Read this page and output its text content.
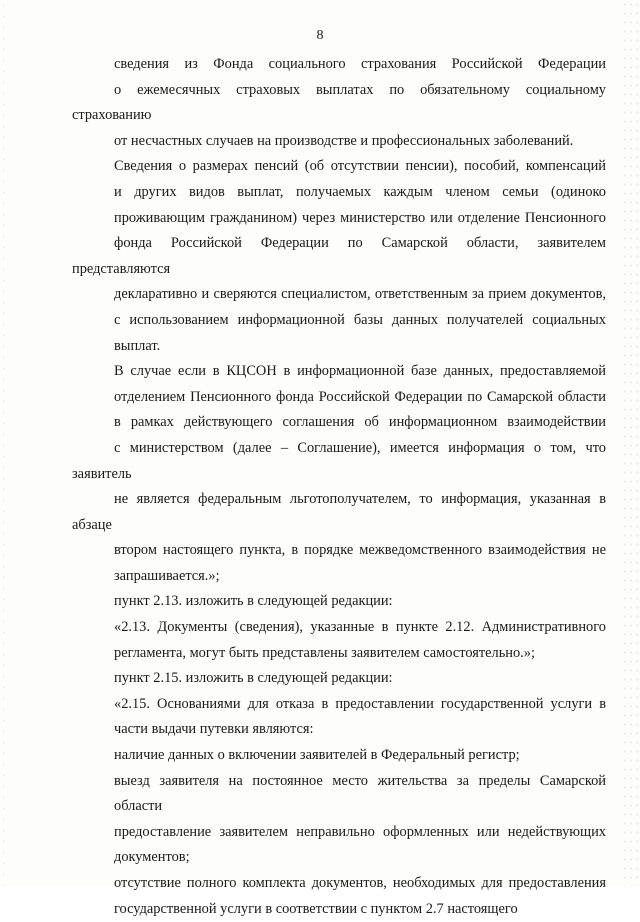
8

сведения из Фонда социального страхования Российской Федерации
о ежемесячных страховых выплатах по обязательному социальному страхованию
от несчастных случаев на производстве и профессиональных заболеваний.

Сведения о размерах пенсий (об отсутствии пенсии), пособий, компенсаций
и других видов выплат, получаемых каждым членом семьи (одиноко
проживающим гражданином) через министерство или отделение Пенсионного
фонда Российской Федерации по Самарской области, заявителем представляются
декларативно и сверяются специалистом, ответственным за прием документов,
с использованием информационной базы данных получателей социальных
выплат.

В случае если в КЦСОН в информационной базе данных, предоставляемой
отделением Пенсионного фонда Российской Федерации по Самарской области
в рамках действующего соглашения об информационном взаимодействии
с министерством (далее – Соглашение), имеется информация о том, что заявитель
не является федеральным льготополучателем, то информация, указанная в абзаце
втором настоящего пункта, в порядке межведомственного взаимодействия не
запрашивается.»;

пункт 2.13. изложить в следующей редакции:

«2.13. Документы (сведения), указанные в пункте 2.12. Административного
регламента, могут быть представлены заявителем самостоятельно.»;

пункт 2.15. изложить в следующей редакции:

«2.15. Основаниями для отказа в предоставлении государственной услуги в
части выдачи путевки являются:

наличие данных о включении заявителей в Федеральный регистр;

выезд заявителя на постоянное место жительства за пределы Самарской
области

предоставление заявителем неправильно оформленных или недействующих
документов;

отсутствие полного комплекта документов, необходимых для предоставления
государственной услуги в соответствии с пунктом 2.7 настоящего
